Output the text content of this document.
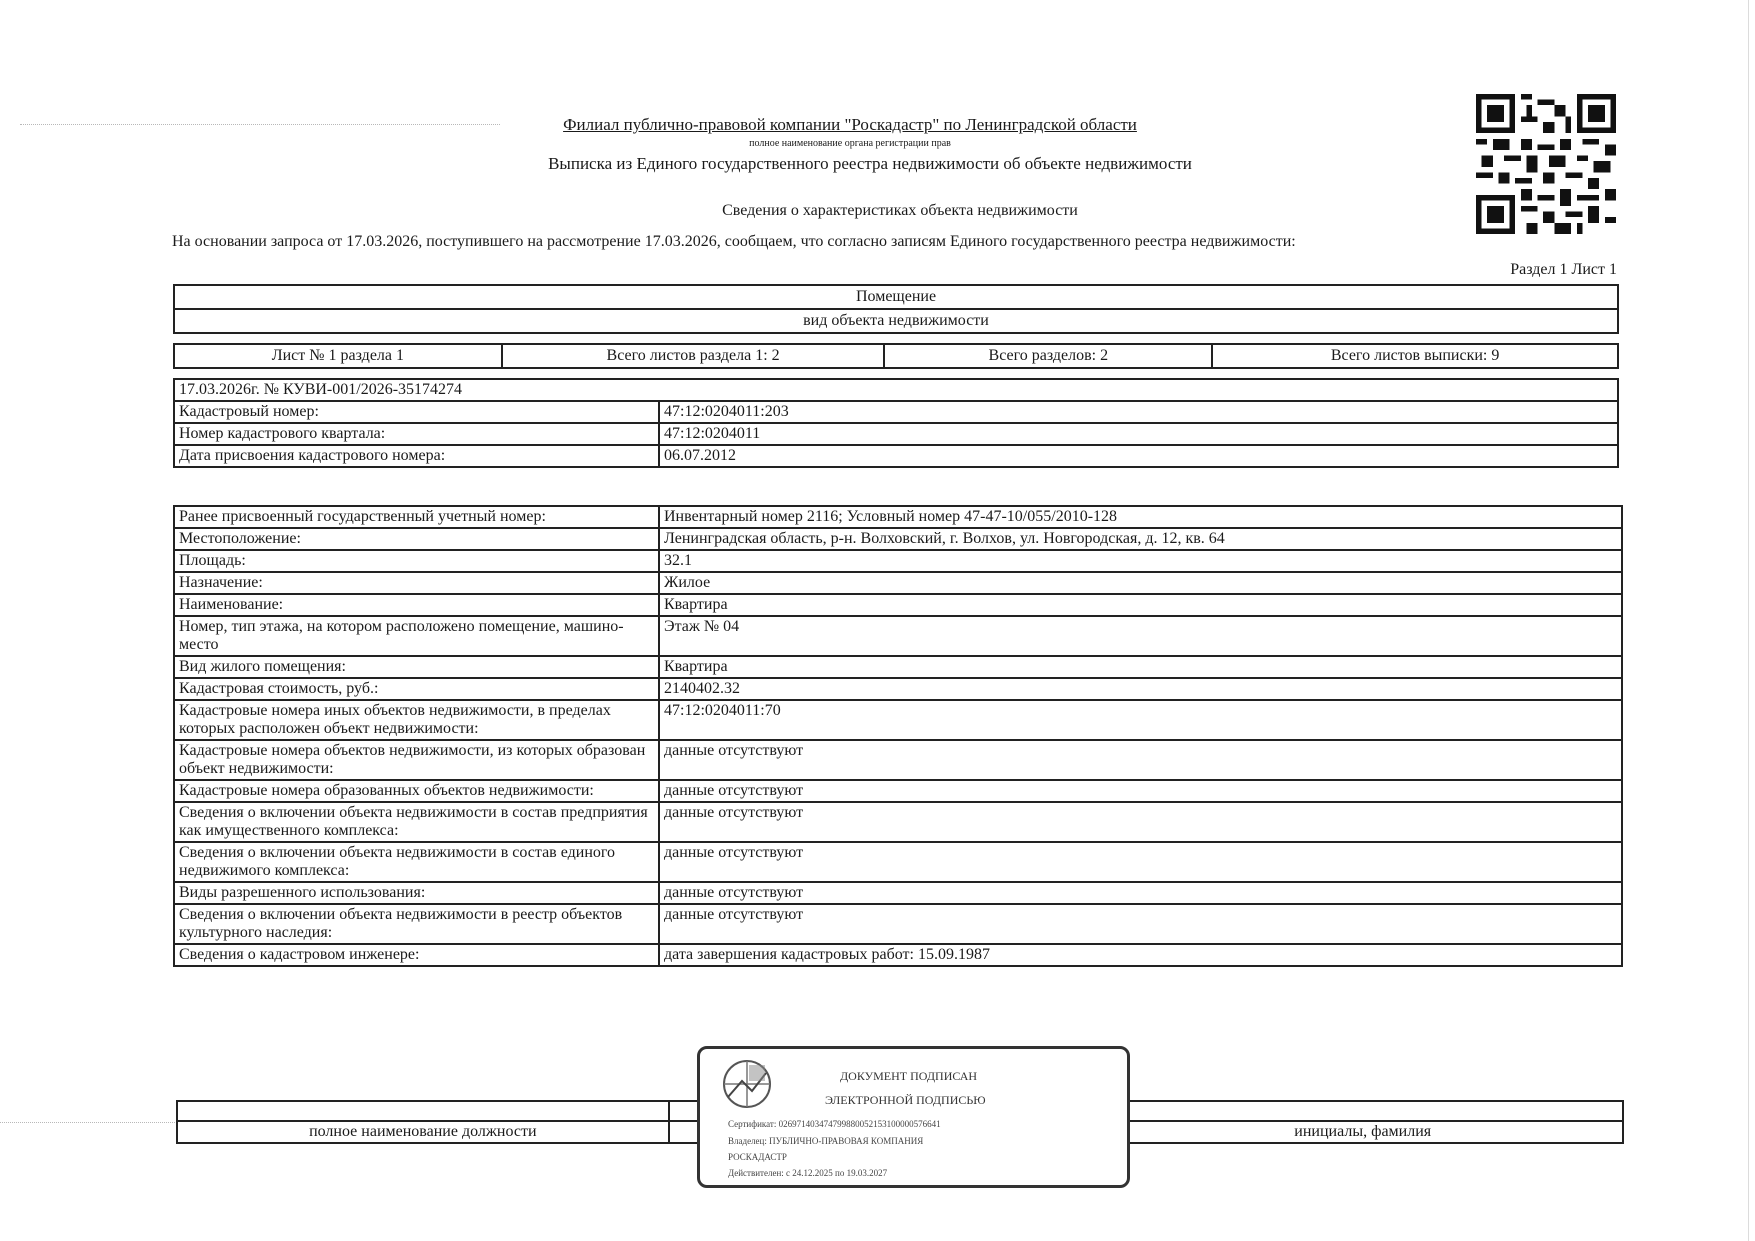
Филиал публично-правовой компании "Роскадастр" по Ленинградской области
полное наименование органа регистрации прав
Выписка из Единого государственного реестра недвижимости об объекте недвижимости
Сведения о характеристиках объекта недвижимости
На основании запроса от 17.03.2026, поступившего на рассмотрение 17.03.2026, сообщаем, что согласно записям Единого государственного реестра недвижимости:
Раздел 1 Лист 1
Помещение
вид объекта недвижимости
Лист № 1 раздела 1	Всего листов раздела 1: 2	Всего разделов: 2	Всего листов выписки: 9
17.03.2026г. № КУВИ-001/2026-35174274	
Кадастровый номер:	47:12:0204011:203
Номер кадастрового квартала:	47:12:0204011
Дата присвоения кадастрового номера:	06.07.2012
Ранее присвоенный государственный учетный номер:	Инвентарный номер 2116; Условный номер 47-47-10/055/2010-128
Местоположение:	Ленинградская область, р-н. Волховский, г. Волхов, ул. Новгородская, д. 12, кв. 64
Площадь:	32.1
Назначение:	Жилое
Наименование:	Квартира
Номер, тип этажа, на котором расположено помещение, машино-место	Этаж № 04
Вид жилого помещения:	Квартира
Кадастровая стоимость, руб.:	2140402.32
Кадастровые номера иных объектов недвижимости, в пределах которых расположен объект недвижимости:	47:12:0204011:70
Кадастровые номера объектов недвижимости, из которых образован объект недвижимости:	данные отсутствуют
Кадастровые номера образованных объектов недвижимости:	данные отсутствуют
Сведения о включении объекта недвижимости в состав предприятия как имущественного комплекса:	данные отсутствуют
Сведения о включении объекта недвижимости в состав единого недвижимого комплекса:	данные отсутствуют
Виды разрешенного использования:	данные отсутствуют
Сведения о включении объекта недвижимости в реестр объектов культурного наследия:	данные отсутствуют
Сведения о кадастровом инженере:	дата завершения кадастровых работ: 15.09.1987

полное наименование должности		инициалы, фамилия
ДОКУМЕНТ ПОДПИСАН
ЭЛЕКТРОННОЙ ПОДПИСЬЮ
Сертификат: 026971403474799880052153100000576641
Владелец: ПУБЛИЧНО-ПРАВОВАЯ КОМПАНИЯ
РОСКАДАСТР
Действителен: с 24.12.2025 по 19.03.2027
